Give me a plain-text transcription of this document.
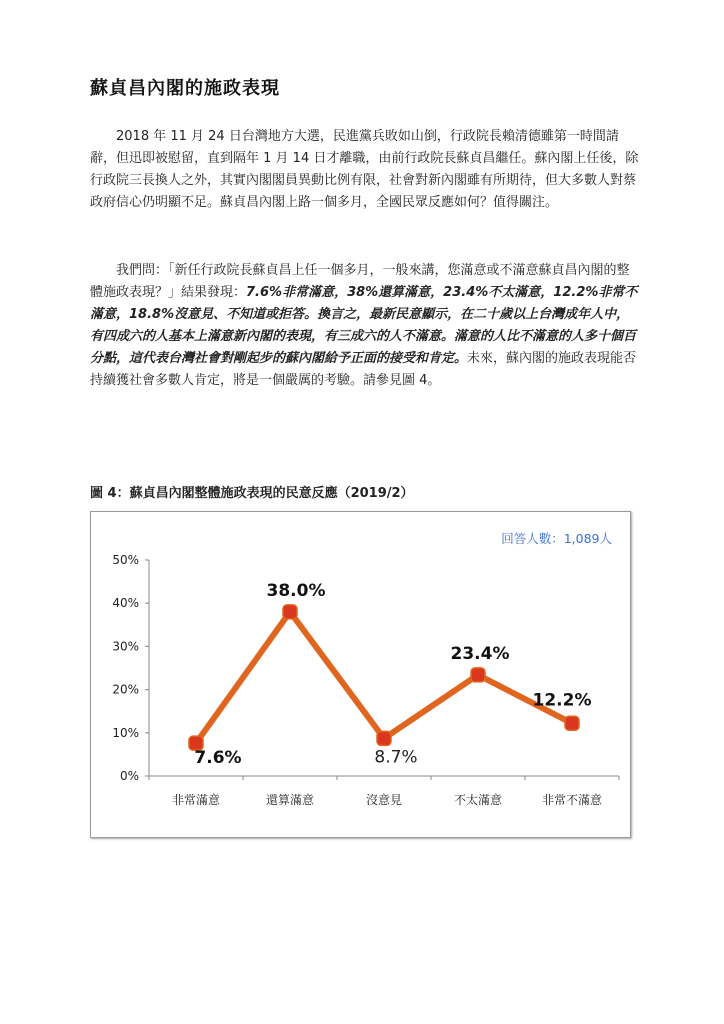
蘇貞昌內閣的施政表現

2018 年 11 月 24 日台灣地方大選，民進黨兵敗如山倒，行政院長賴清德雖第一時間請辭，但迅即被慰留，直到隔年 1 月 14 日才離職，由前行政院長蘇貞昌繼任。蘇內閣上任後，除行政院三長換人之外，其實內閣閣員異動比例有限，社會對新內閣雖有所期待，但大多數人對蔡政府信心仍明顯不足。蘇貞昌內閣上路一個多月，全國民眾反應如何？值得關注。

我們問：「新任行政院長蘇貞昌上任一個多月，一般來講，您滿意或不滿意蘇貞昌內閣的整體施政表現？」結果發現：7.6%非常滿意，38%還算滿意，23.4%不太滿意，12.2%非常不滿意，18.8%沒意見、不知道或拒答。換言之，最新民意顯示，在二十歲以上台灣成年人中，有四成六的人基本上滿意新內閣的表現，有三成六的人不滿意。滿意的人比不滿意的人多十個百分點，這代表台灣社會對剛起步的蘇內閣給予正面的接受和肯定。未來，蘇內閣的施政表現能否持續獲社會多數人肯定，將是一個嚴厲的考驗。請參見圖 4。

圖 4：蘇貞昌內閣整體施政表現的民意反應（2019/2）

0%
10%
20%
30%
40%
50%
非常滿意	還算滿意	沒意見	不太滿意	非常不滿意
7.6%
38.0%
8.7%
23.4%
12.2%

回答人數：1,089人
